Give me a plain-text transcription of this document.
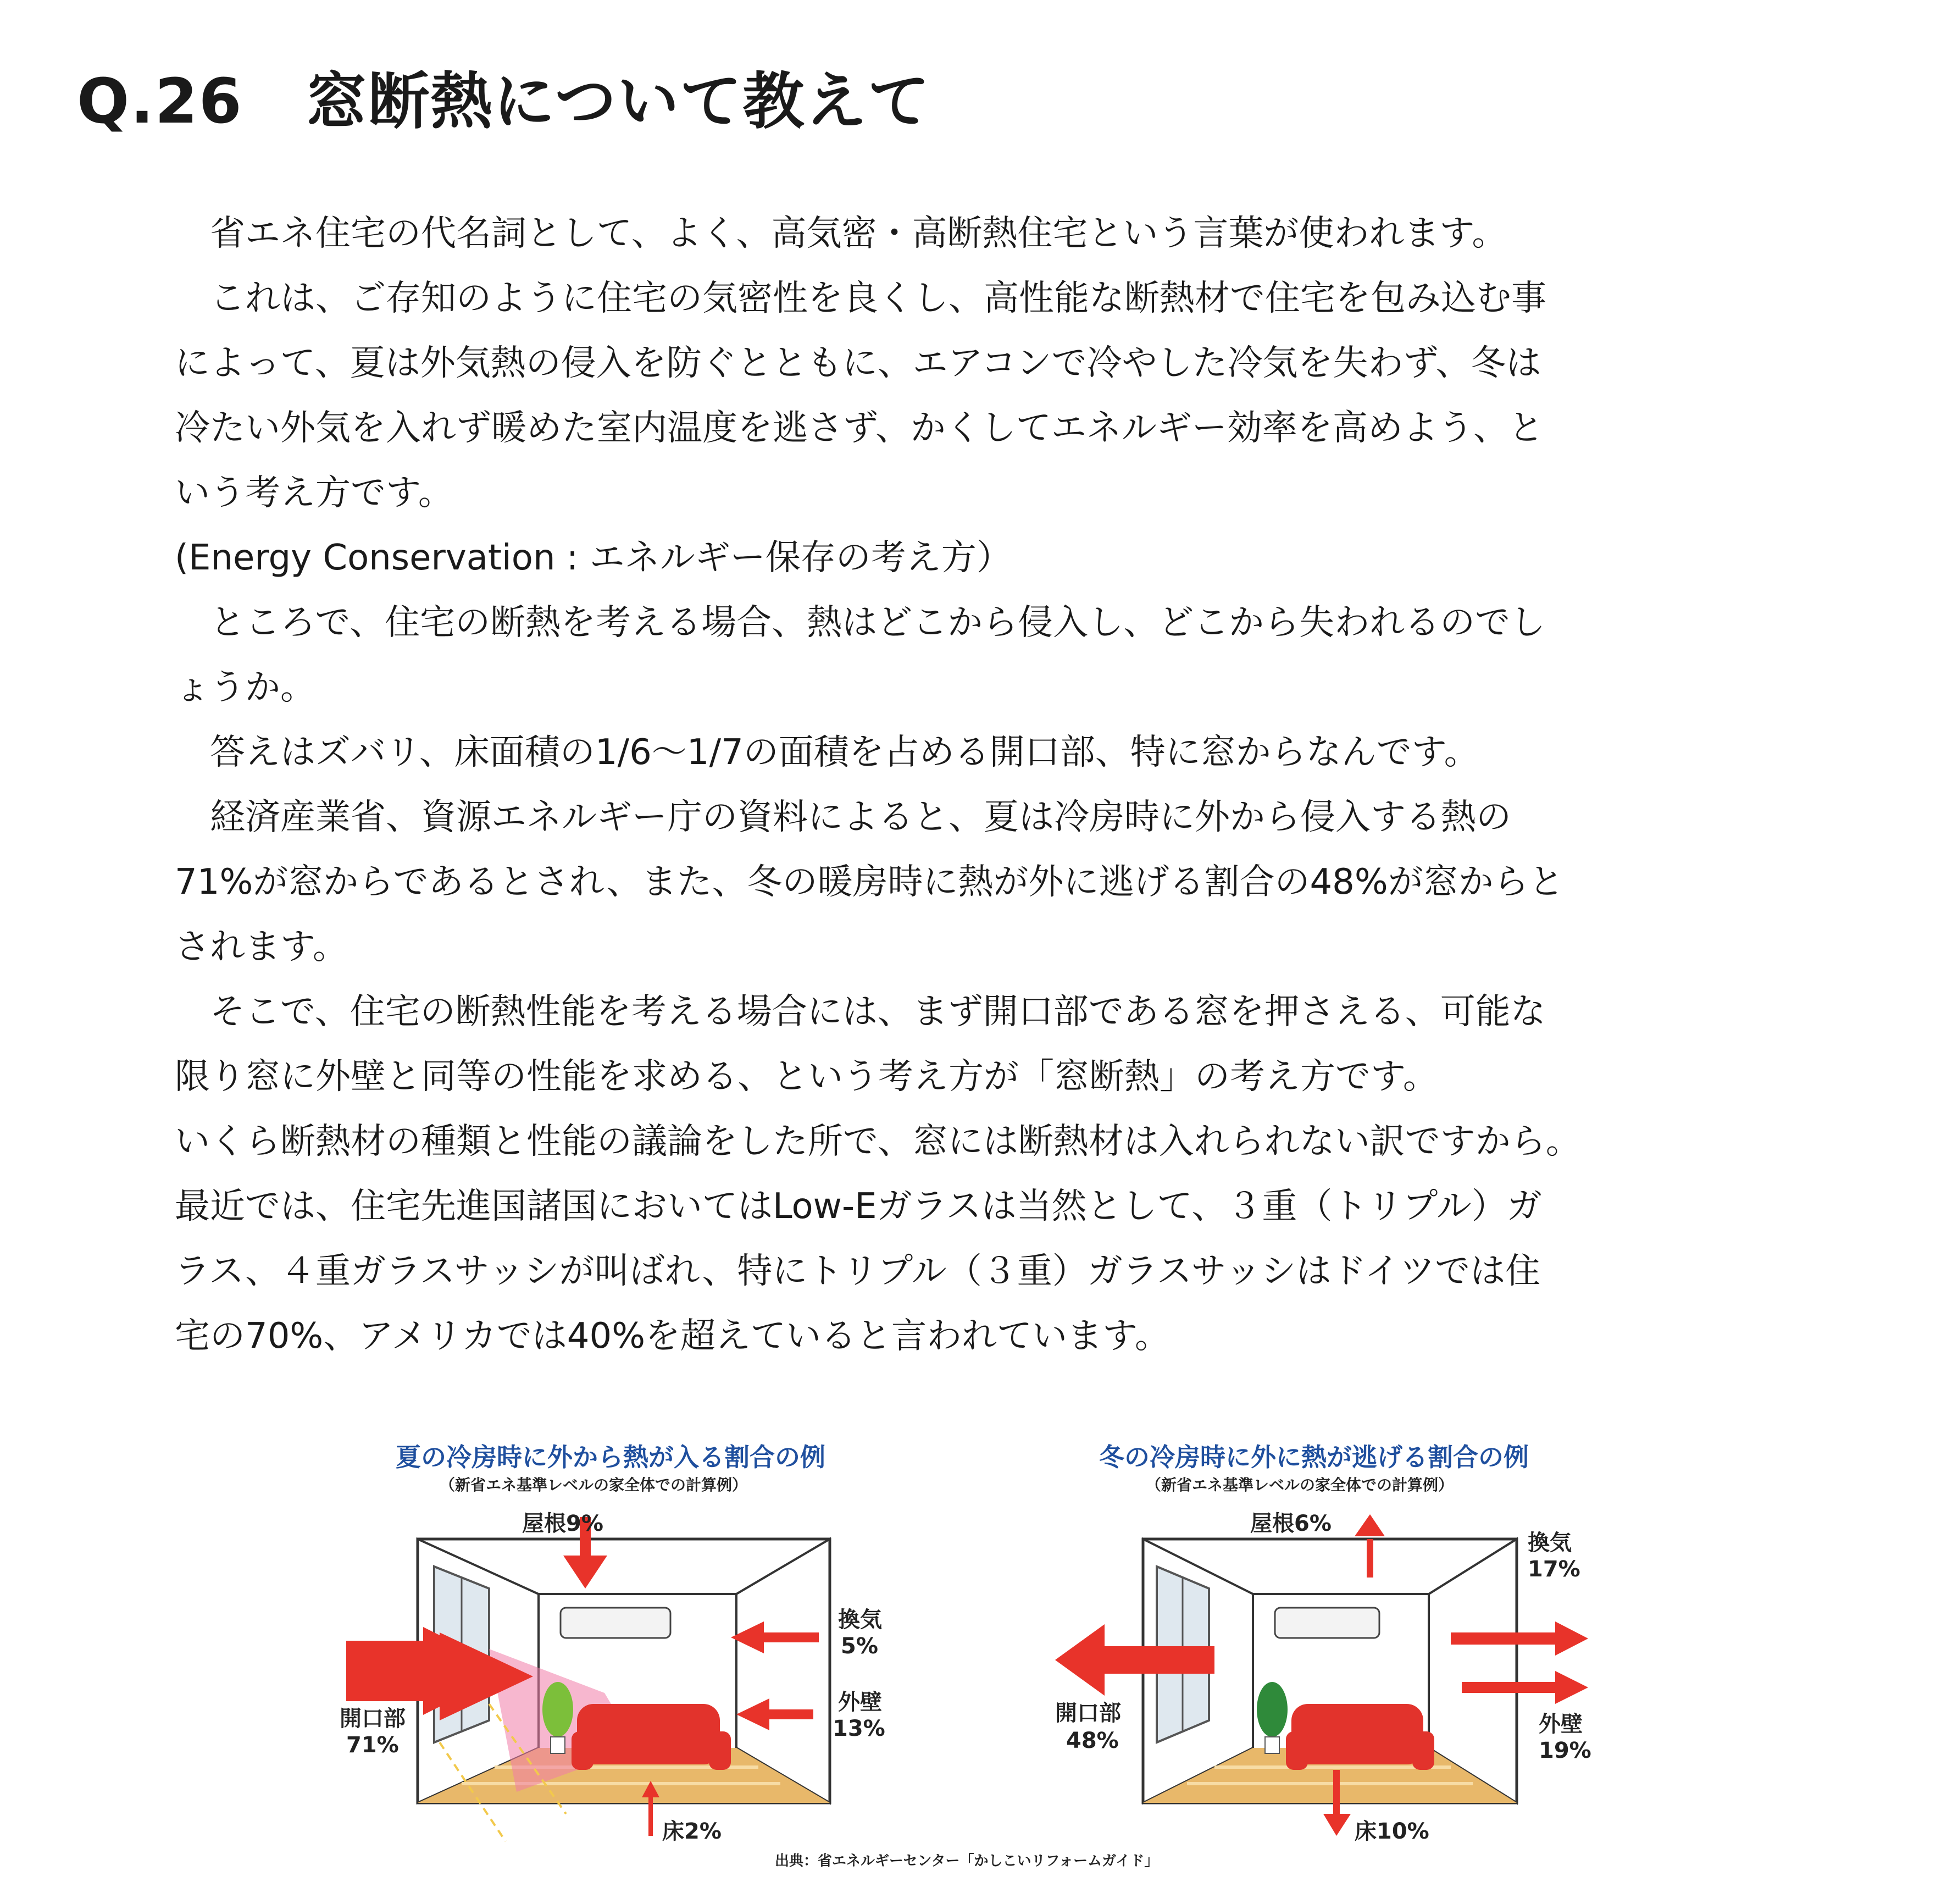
Q.26　窓断熱について教えて
　省エネ住宅の代名詞として、よく、高気密・高断熱住宅という言葉が使われます。
　これは、ご存知のように住宅の気密性を良くし、高性能な断熱材で住宅を包み込む事
によって、夏は外気熱の侵入を防ぐとともに、エアコンで冷やした冷気を失わず、冬は
冷たい外気を入れず暖めた室内温度を逃さず、かくしてエネルギー効率を高めよう、と
いう考え方です。
(Energy Conservation : エネルギー保存の考え方）
　ところで、住宅の断熱を考える場合、熱はどこから侵入し、どこから失われるのでし
ょうか。
　答えはズバリ、床面積の1/6～1/7の面積を占める開口部、特に窓からなんです。
　経済産業省、資源エネルギー庁の資料によると、夏は冷房時に外から侵入する熱の
71%が窓からであるとされ、また、冬の暖房時に熱が外に逃げる割合の48%が窓からと
されます。
　そこで、住宅の断熱性能を考える場合には、まず開口部である窓を押さえる、可能な
限り窓に外壁と同等の性能を求める、という考え方が「窓断熱」の考え方です。
いくら断熱材の種類と性能の議論をした所で、窓には断熱材は入れられない訳ですから。
最近では、住宅先進国諸国においてはLow-Eガラスは当然として、３重（トリプル）ガ
ラス、４重ガラスサッシが叫ばれ、特にトリプル（３重）ガラスサッシはドイツでは住
宅の70%、アメリカでは40%を超えていると言われています。
夏の冷房時に外から熱が入る割合の例
（新省エネ基準レベルの家全体での計算例）
屋根9%
換気
5%
外壁
13%
開口部
71%
床2%
冬の冷房時に外に熱が逃げる割合の例
（新省エネ基準レベルの家全体での計算例）
屋根6%
換気
17%
外壁
19%
開口部
48%
床10%
出典：省エネルギーセンター「かしこいリフォームガイド」
